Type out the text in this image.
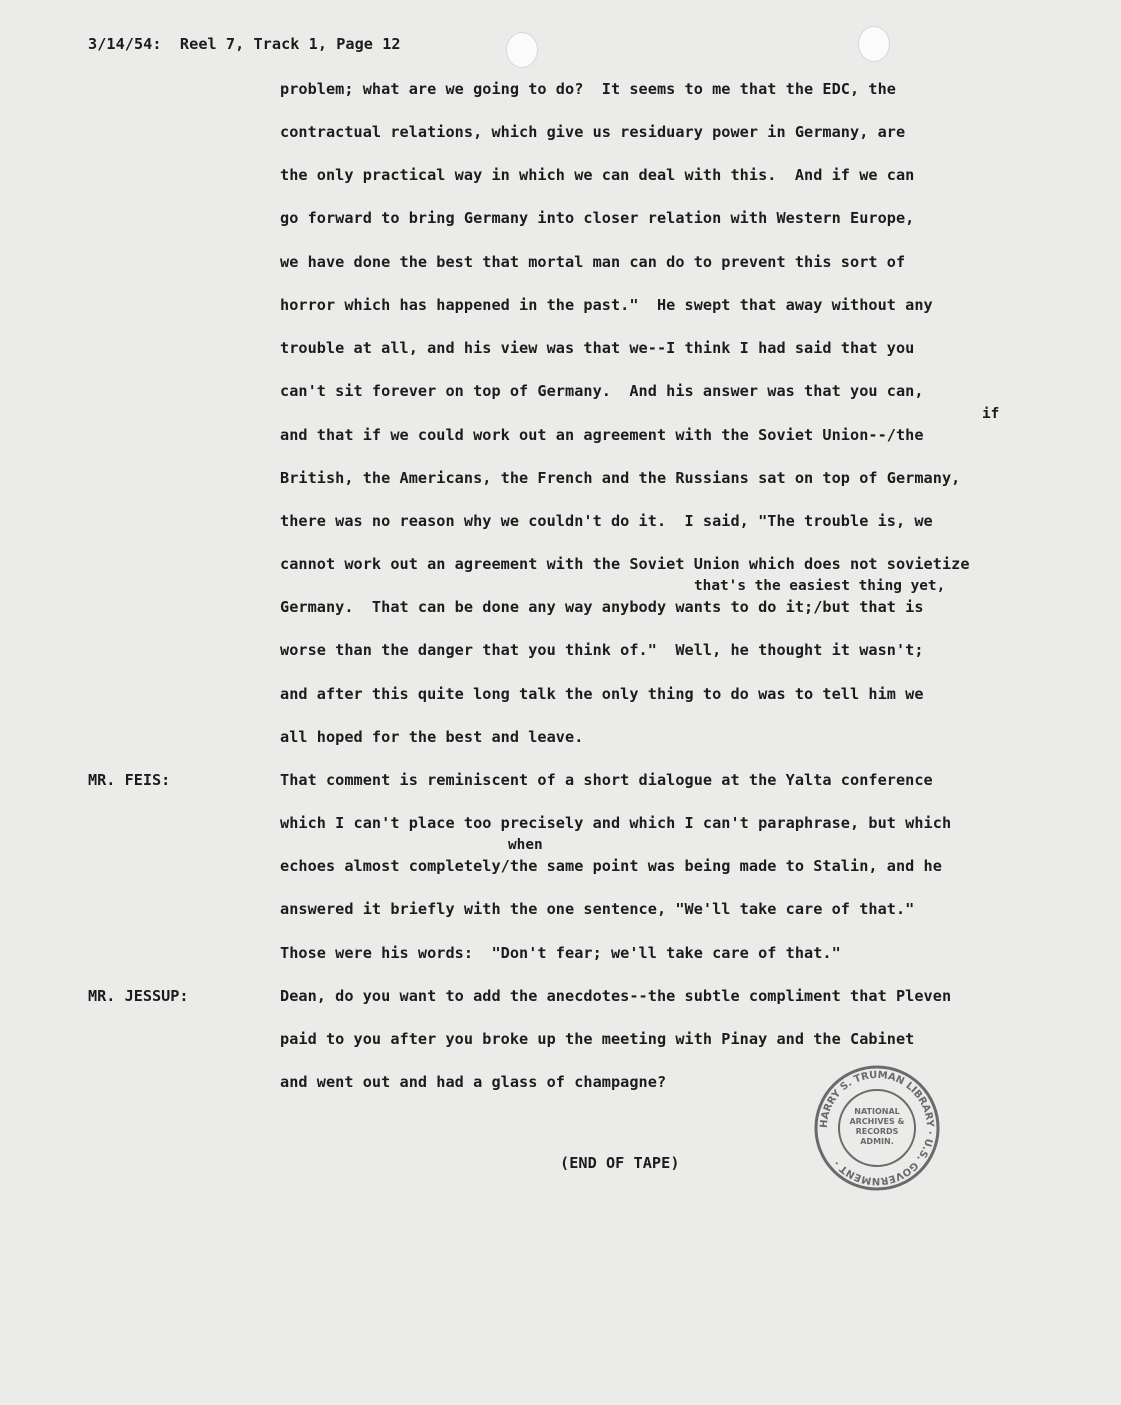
3/14/54:  Reel 7, Track 1, Page 12
problem; what are we going to do?  It seems to me that the EDC, the
contractual relations, which give us residuary power in Germany, are
the only practical way in which we can deal with this.  And if we can
go forward to bring Germany into closer relation with Western Europe,
we have done the best that mortal man can do to prevent this sort of
horror which has happened in the past."  He swept that away without any
trouble at all, and his view was that we--I think I had said that you
can't sit forever on top of Germany.  And his answer was that you can,
if
and that if we could work out an agreement with the Soviet Union--/the
British, the Americans, the French and the Russians sat on top of Germany,
there was no reason why we couldn't do it.  I said, "The trouble is, we
cannot work out an agreement with the Soviet Union which does not sovietize
that's the easiest thing yet,
Germany.  That can be done any way anybody wants to do it;/but that is
worse than the danger that you think of."  Well, he thought it wasn't;
and after this quite long talk the only thing to do was to tell him we
all hoped for the best and leave.
MR. FEIS:	That comment is reminiscent of a short dialogue at the Yalta conference
which I can't place too precisely and which I can't paraphrase, but which
when
echoes almost completely/the same point was being made to Stalin, and he
answered it briefly with the one sentence, "We'll take care of that."
Those were his words:  "Don't fear; we'll take care of that."
MR. JESSUP:	Dean, do you want to add the anecdotes--the subtle compliment that Pleven
paid to you after you broke up the meeting with Pinay and the Cabinet
and went out and had a glass of champagne?
(END OF TAPE)
HARRY S. TRUMAN LIBRARY · U.S. GOVERNMENT ·
NATIONAL ARCHIVES & RECORDS ADMIN.
